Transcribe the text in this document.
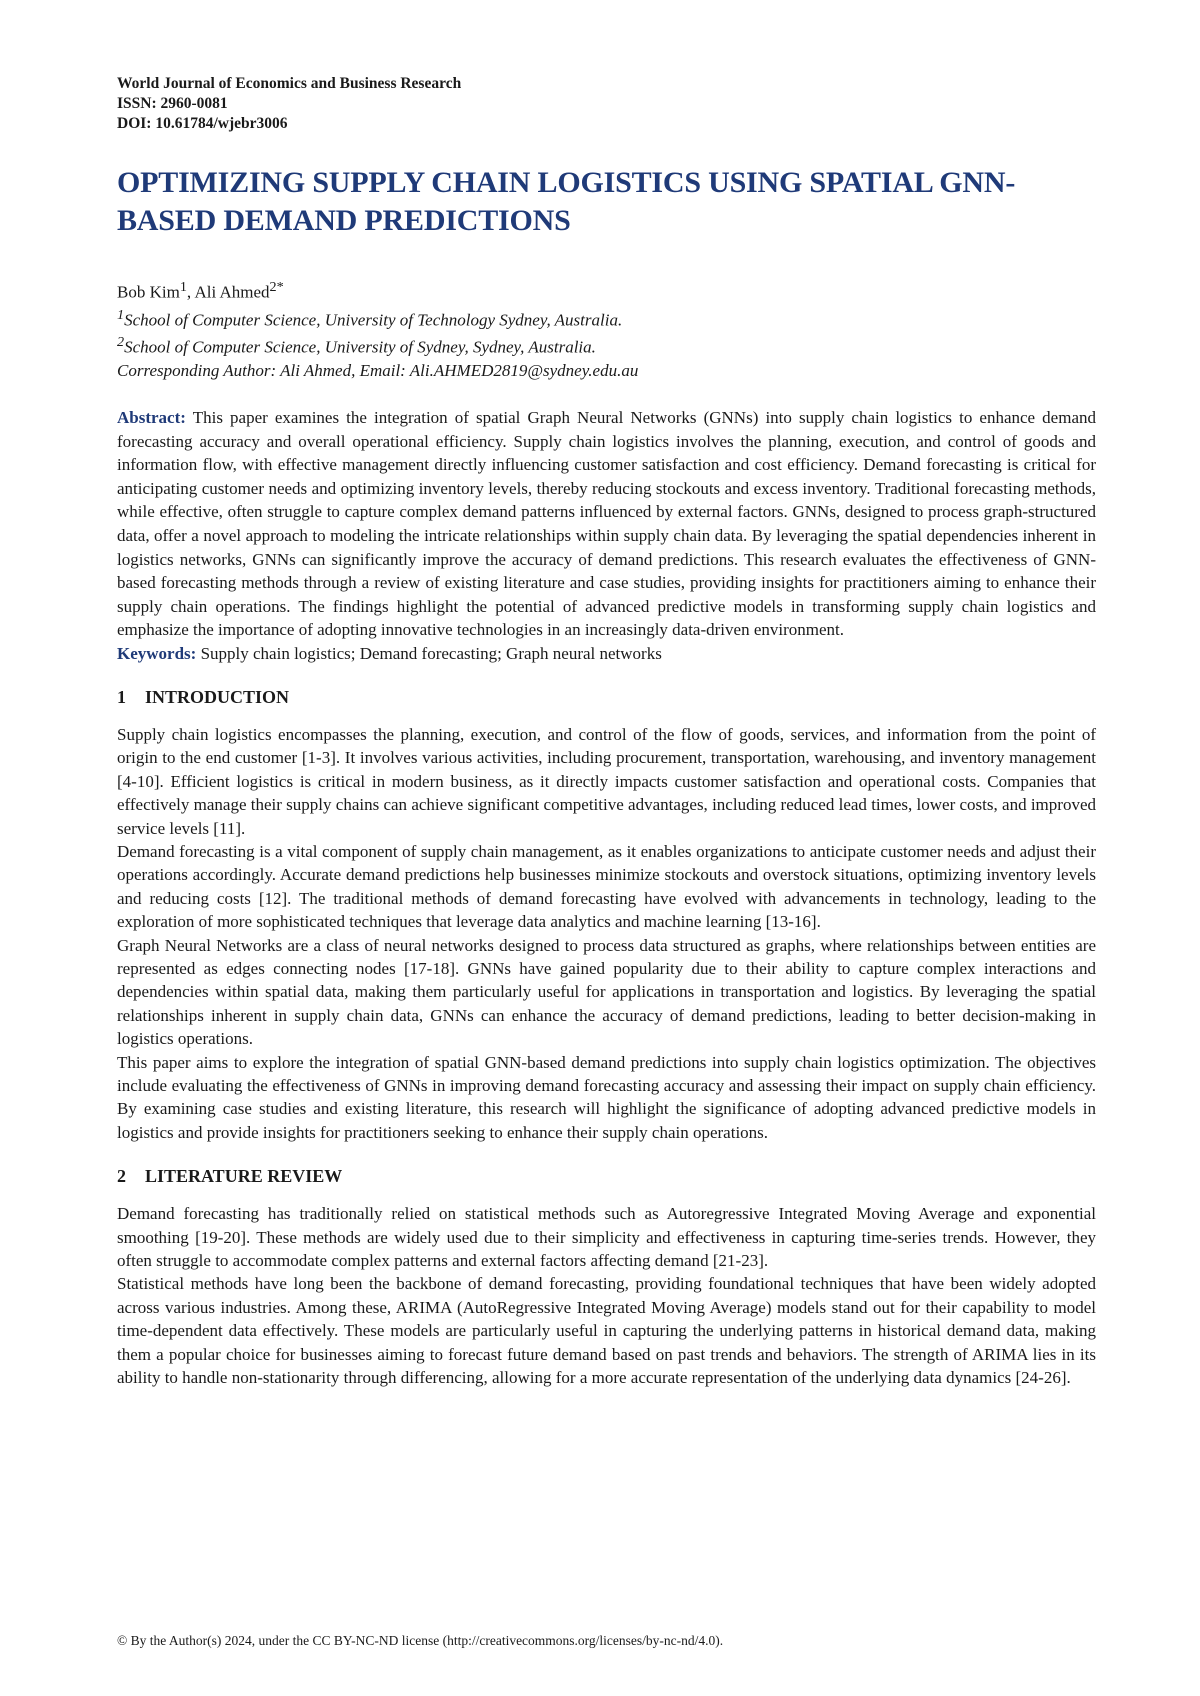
World Journal of Economics and Business Research
ISSN: 2960-0081
DOI: 10.61784/wjebr3006
OPTIMIZING SUPPLY CHAIN LOGISTICS USING SPATIAL GNN-BASED DEMAND PREDICTIONS
Bob Kim$^1$, Ali Ahmed$^{2*}$
$^1$School of Computer Science, University of Technology Sydney, Australia.
$^2$School of Computer Science, University of Sydney, Sydney, Australia.
Corresponding Author: Ali Ahmed, Email: Ali.AHMED2819@sydney.edu.au
Abstract: This paper examines the integration of spatial Graph Neural Networks (GNNs) into supply chain logistics to enhance demand forecasting accuracy and overall operational efficiency. Supply chain logistics involves the planning, execution, and control of goods and information flow, with effective management directly influencing customer satisfaction and cost efficiency. Demand forecasting is critical for anticipating customer needs and optimizing inventory levels, thereby reducing stockouts and excess inventory. Traditional forecasting methods, while effective, often struggle to capture complex demand patterns influenced by external factors. GNNs, designed to process graph-structured data, offer a novel approach to modeling the intricate relationships within supply chain data. By leveraging the spatial dependencies inherent in logistics networks, GNNs can significantly improve the accuracy of demand predictions. This research evaluates the effectiveness of GNN-based forecasting methods through a review of existing literature and case studies, providing insights for practitioners aiming to enhance their supply chain operations. The findings highlight the potential of advanced predictive models in transforming supply chain logistics and emphasize the importance of adopting innovative technologies in an increasingly data-driven environment.
Keywords: Supply chain logistics; Demand forecasting; Graph neural networks
1 INTRODUCTION

Supply chain logistics encompasses the planning, execution, and control of the flow of goods, services, and information from the point of origin to the end customer [1-3]. It involves various activities, including procurement, transportation, warehousing, and inventory management [4-10]. Efficient logistics is critical in modern business, as it directly impacts customer satisfaction and operational costs. Companies that effectively manage their supply chains can achieve significant competitive advantages, including reduced lead times, lower costs, and improved service levels [11].

Demand forecasting is a vital component of supply chain management, as it enables organizations to anticipate customer needs and adjust their operations accordingly. Accurate demand predictions help businesses minimize stockouts and overstock situations, optimizing inventory levels and reducing costs [12]. The traditional methods of demand forecasting have evolved with advancements in technology, leading to the exploration of more sophisticated techniques that leverage data analytics and machine learning [13-16].

Graph Neural Networks are a class of neural networks designed to process data structured as graphs, where relationships between entities are represented as edges connecting nodes [17-18]. GNNs have gained popularity due to their ability to capture complex interactions and dependencies within spatial data, making them particularly useful for applications in transportation and logistics. By leveraging the spatial relationships inherent in supply chain data, GNNs can enhance the accuracy of demand predictions, leading to better decision-making in logistics operations.

This paper aims to explore the integration of spatial GNN-based demand predictions into supply chain logistics optimization. The objectives include evaluating the effectiveness of GNNs in improving demand forecasting accuracy and assessing their impact on supply chain efficiency. By examining case studies and existing literature, this research will highlight the significance of adopting advanced predictive models in logistics and provide insights for practitioners seeking to enhance their supply chain operations.

2 LITERATURE REVIEW

Demand forecasting has traditionally relied on statistical methods such as Autoregressive Integrated Moving Average and exponential smoothing [19-20]. These methods are widely used due to their simplicity and effectiveness in capturing time-series trends. However, they often struggle to accommodate complex patterns and external factors affecting demand [21-23].

Statistical methods have long been the backbone of demand forecasting, providing foundational techniques that have been widely adopted across various industries. Among these, ARIMA (AutoRegressive Integrated Moving Average) models stand out for their capability to model time-dependent data effectively. These models are particularly useful in capturing the underlying patterns in historical demand data, making them a popular choice for businesses aiming to forecast future demand based on past trends and behaviors. The strength of ARIMA lies in its ability to handle non-stationarity through differencing, allowing for a more accurate representation of the underlying data dynamics [24-26].

© By the Author(s) 2024, under the CC BY-NC-ND license (http://creativecommons.org/licenses/by-nc-nd/4.0).
